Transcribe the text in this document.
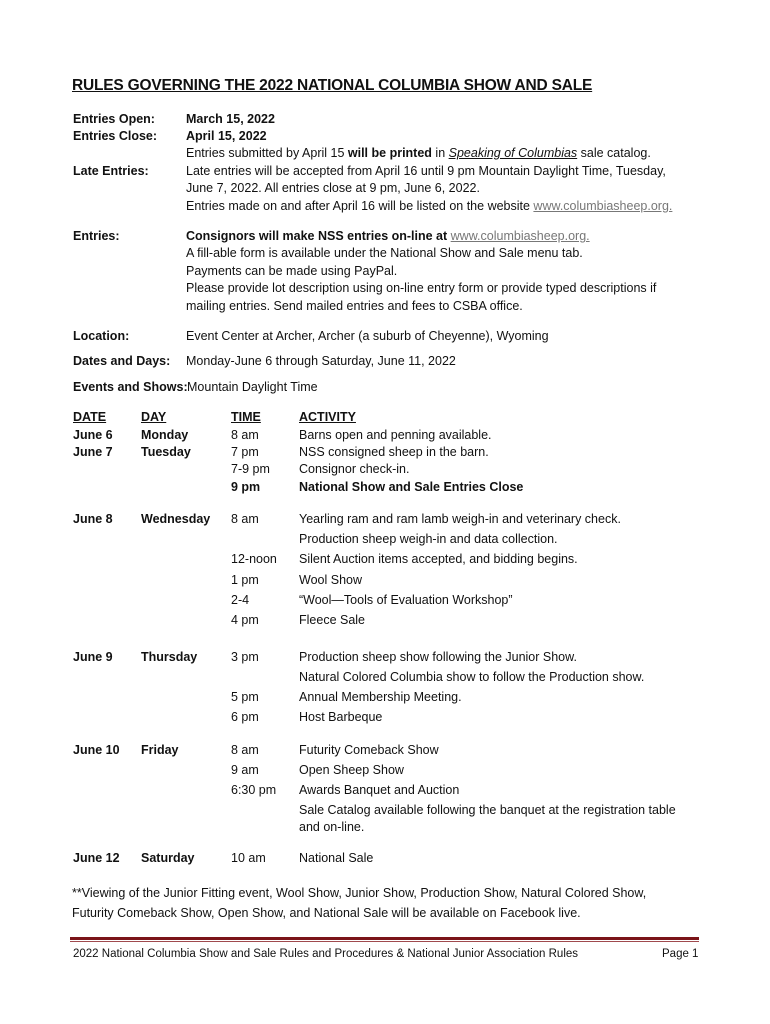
RULES GOVERNING THE 2022 NATIONAL COLUMBIA SHOW AND SALE
Entries Open: March 15, 2022
Entries Close: April 15, 2022
Entries submitted by April 15 will be printed in Speaking of Columbias sale catalog.
Late Entries:	Late entries will be accepted from April 16 until 9 pm Mountain Daylight Time, Tuesday,
June 7, 2022. All entries close at 9 pm, June 6, 2022.
Entries made on and after April 16 will be listed on the website www.columbiasheep.org.
Entries:	Consignors will make NSS entries on-line at www.columbiasheep.org.
A fill-able form is available under the National Show and Sale menu tab.
Payments can be made using PayPal.
Please provide lot description using on-line entry form or provide typed descriptions if
mailing entries. Send mailed entries and fees to CSBA office.
Location:	Event Center at Archer, Archer (a suburb of Cheyenne), Wyoming
Dates and Days: Monday-June 6 through Saturday, June 11, 2022
Events and Shows: Mountain Daylight Time
DATE	DAY	TIME	ACTIVITY
June 6 Monday	8 am	Barns open and penning available.
June 7 Tuesday	7 pm	NSS consigned sheep in the barn.
7-9 pm Consignor check-in.
9 pm	National Show and Sale Entries Close
June 8 Wednesday 8 am	Yearling ram and ram lamb weigh-in and veterinary check.
Production sheep weigh-in and data collection.
12-noon Silent Auction items accepted, and bidding begins.
1 pm	Wool Show
2-4	“Wool—Tools of Evaluation Workshop”
4 pm	Fleece Sale
June 9 Thursday	3 pm	Production sheep show following the Junior Show.
Natural Colored Columbia show to follow the Production show.
5 pm	Annual Membership Meeting.
6 pm	Host Barbeque
June 10 Friday	8 am	Futurity Comeback Show
9 am	Open Sheep Show
6:30 pm Awards Banquet and Auction
Sale Catalog available following the banquet at the registration table
and on-line.
June 12 Saturday	10 am	National Sale
**Viewing of the Junior Fitting event, Wool Show, Junior Show, Production Show, Natural Colored Show,
Futurity Comeback Show, Open Show, and National Sale will be available on Facebook live.
2022 National Columbia Show and Sale Rules and Procedures & National Junior Association Rules	Page 1
